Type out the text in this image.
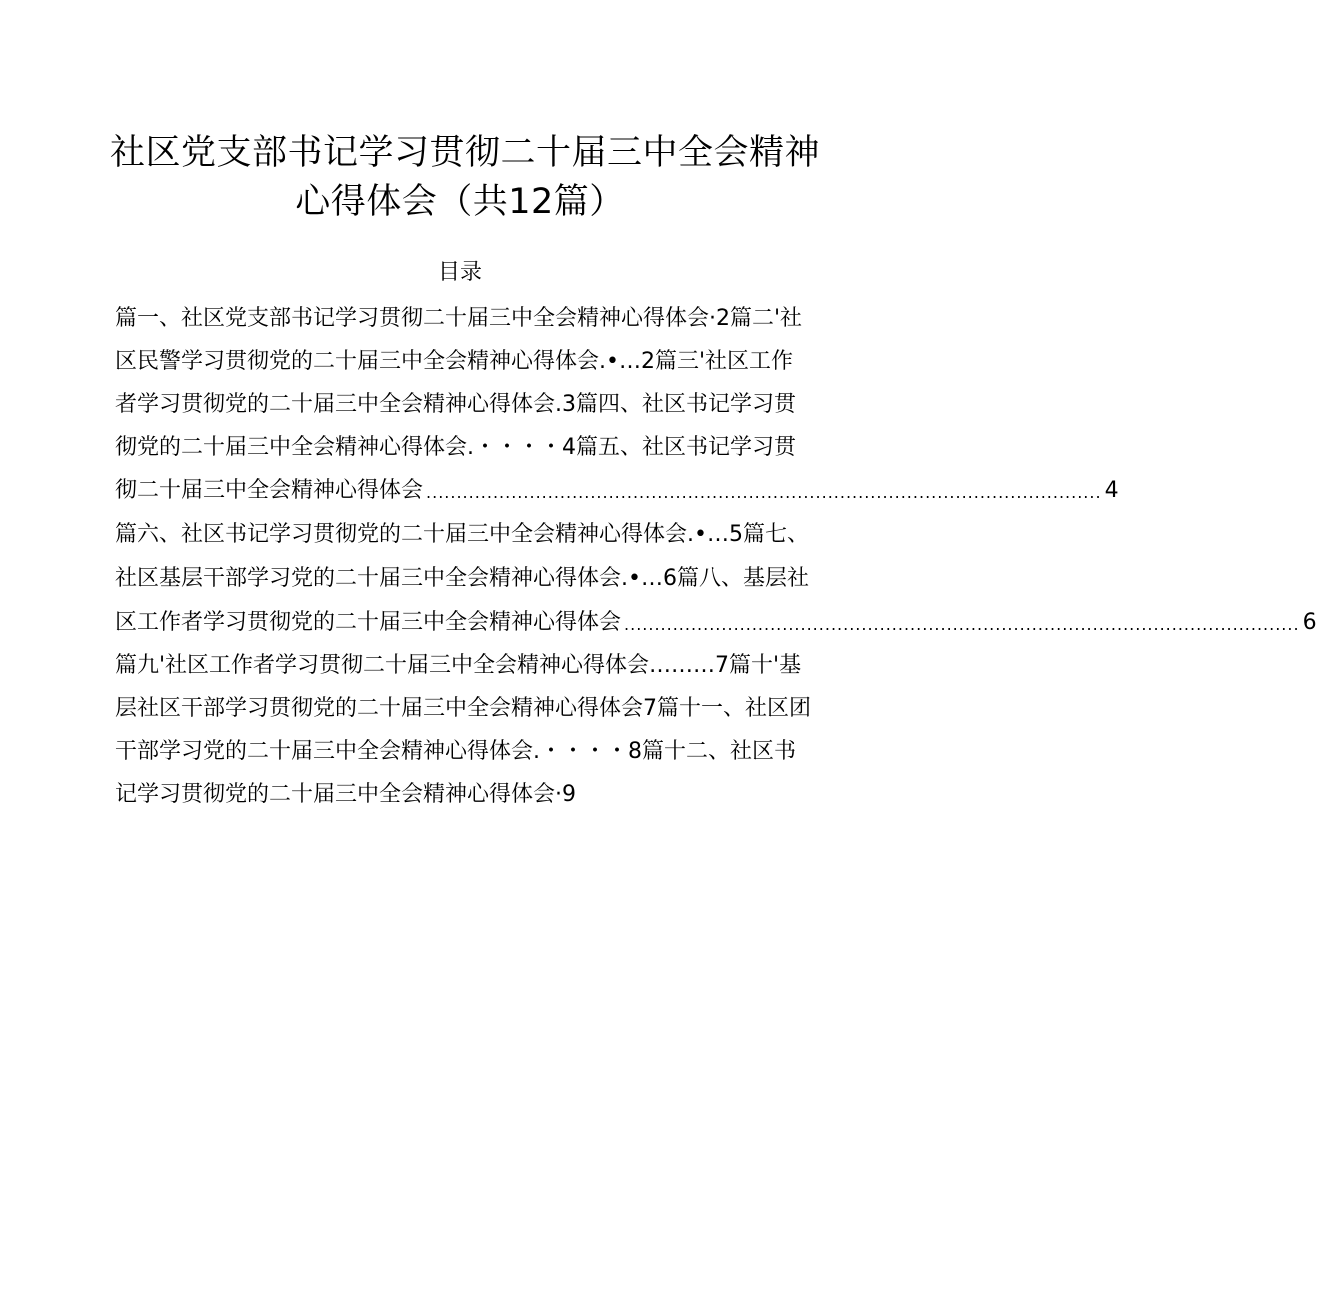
社区党支部书记学习贯彻二十届三中全会精神
心得体会（共12篇）
目录
篇一、社区党支部书记学习贯彻二十届三中全会精神心得体会·2篇二'社
区民警学习贯彻党的二十届三中全会精神心得体会.•…2篇三'社区工作
者学习贯彻党的二十届三中全会精神心得体会.3篇四、社区书记学习贯
彻党的二十届三中全会精神心得体会.・・・・4篇五、社区书记学习贯
彻二十届三中全会精神心得体会 ............................................................................................................... 4
篇六、社区书记学习贯彻党的二十届三中全会精神心得体会.•…5篇七、
社区基层干部学习党的二十届三中全会精神心得体会.•…6篇八、基层社
区工作者学习贯彻党的二十届三中全会精神心得体会 ............................................................................................................... 6
篇九'社区工作者学习贯彻二十届三中全会精神心得体会………7篇十'基
层社区干部学习贯彻党的二十届三中全会精神心得体会7篇十一、社区团
干部学习党的二十届三中全会精神心得体会.・・・・8篇十二、社区书
记学习贯彻党的二十届三中全会精神心得体会·9
